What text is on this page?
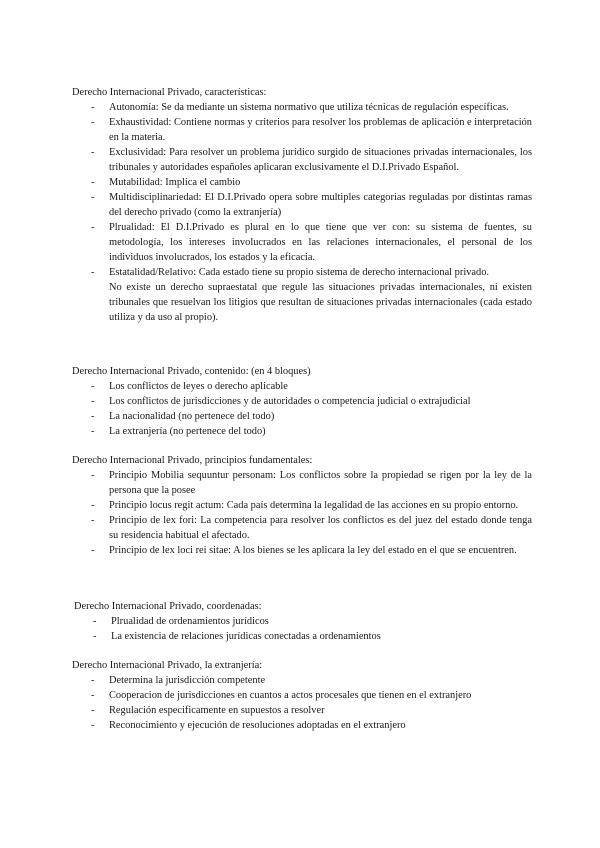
Derecho Internacional Privado, características:
- Autonomía: Se da mediante un sistema normativo que utiliza técnicas de regulación específicas.
- Exhaustividad: Contiene normas y criterios para resolver los problemas de aplicación e interpretación en la materia.
- Exclusividad: Para resolver un problema jurídico surgido de situaciones privadas internacionales, los tribunales y autoridades españoles aplicaran exclusivamente el D.I.Privado Español.
- Mutabilidad: Implica el cambio
- Multidisciplinariedad: El D.I.Privado opera sobre multiples categorias reguladas por distintas ramas del derecho privado (como la extranjería)
- Plrualidad: El D.I.Privado es plural en lo que tiene que ver con: su sistema de fuentes, su metodología, los intereses involucrados en las relaciones internacionales, el personal de los individuos involucrados, los estados y la eficacia.
- Estatalidad/Relativo: Cada estado tiene su propio sistema de derecho internacional privado.
No existe un derecho supraestatal que regule las situaciones privadas internacionales, ni existen tribunales que resuelvan los litigios que resultan de situaciones privadas internacionales (cada estado utiliza y da uso al propio).
Derecho Internacional Privado, contenido: (en 4 bloques)
- Los conflictos de leyes o derecho aplicable
- Los conflictos de jurisdicciones y de autoridades o competencia judicial o extrajudicial
- La nacionalidad (no pertenece del todo)
- La extranjería (no pertenece del todo)
Derecho Internacional Privado, principios fundamentales:
- Principio Mobilia sequuntur personam: Los conflictos sobre la propiedad se rigen por la ley de la persona que la posee
- Principio locus regit actum: Cada país determina la legalidad de las acciones en su propio entorno.
- Principio de lex fori: La competencia para resolver los conflictos es del juez del estado donde tenga su residencia habitual el afectado.
- Principio de lex loci rei sitae: A los bienes se les aplicara la ley del estado en el que se encuentren.
Derecho Internacional Privado, coordenadas:
- Plrualidad de ordenamientos jurídicos
- La existencia de relaciones jurídicas conectadas a ordenamientos
Derecho Internacional Privado, la extranjería:
- Determina la jurisdicción competente
- Cooperacion de jurisdicciones en cuantos a actos procesales que tienen en el extranjero
- Regulación especificamente en supuestos a resolver
- Reconocimiento y ejecución de resoluciones adoptadas en el extranjero
